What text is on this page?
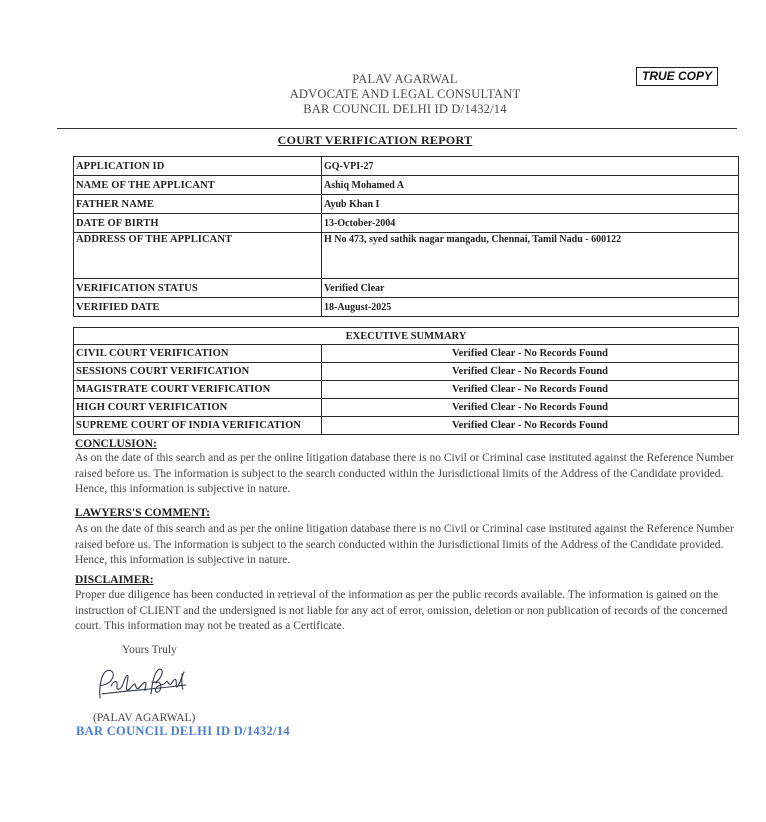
PALAV AGARWAL
ADVOCATE AND LEGAL CONSULTANT
BAR COUNCIL DELHI ID D/1432/14
TRUE COPY
COURT VERIFICATION REPORT
APPLICATION ID	GQ-VPI-27
NAME OF THE APPLICANT	Ashiq Mohamed A
FATHER NAME	Ayub Khan I
DATE OF BIRTH	13-October-2004
ADDRESS OF THE APPLICANT	H No 473, syed sathik nagar mangadu, Chennai, Tamil Nadu - 600122
VERIFICATION STATUS	Verified Clear
VERIFIED DATE	18-August-2025
EXECUTIVE SUMMARY	
CIVIL COURT VERIFICATION	Verified Clear - No Records Found
SESSIONS COURT VERIFICATION	Verified Clear - No Records Found
MAGISTRATE COURT VERIFICATION	Verified Clear - No Records Found
HIGH COURT VERIFICATION	Verified Clear - No Records Found
SUPREME COURT OF INDIA VERIFICATION	Verified Clear - No Records Found
CONCLUSION:
As on the date of this search and as per the online litigation database there is no Civil or Criminal case instituted against the Reference Number raised before us. The information is subject to the search conducted within the Jurisdictional limits of the Address of the Candidate provided. Hence, this information is subjective in nature.
LAWYERS'S COMMENT:
As on the date of this search and as per the online litigation database there is no Civil or Criminal case instituted against the Reference Number raised before us. The information is subject to the search conducted within the Jurisdictional limits of the Address of the Candidate provided. Hence, this information is subjective in nature.
DISCLAIMER:
Proper due diligence has been conducted in retrieval of the information as per the public records available. The information is gained on the instruction of CLIENT and the undersigned is not liable for any act of error, omission, deletion or non publication of records of the concerned court. This information may not be treated as a Certificate.
Yours Truly
(PALAV AGARWAL)
BAR COUNCIL DELHI ID D/1432/14
